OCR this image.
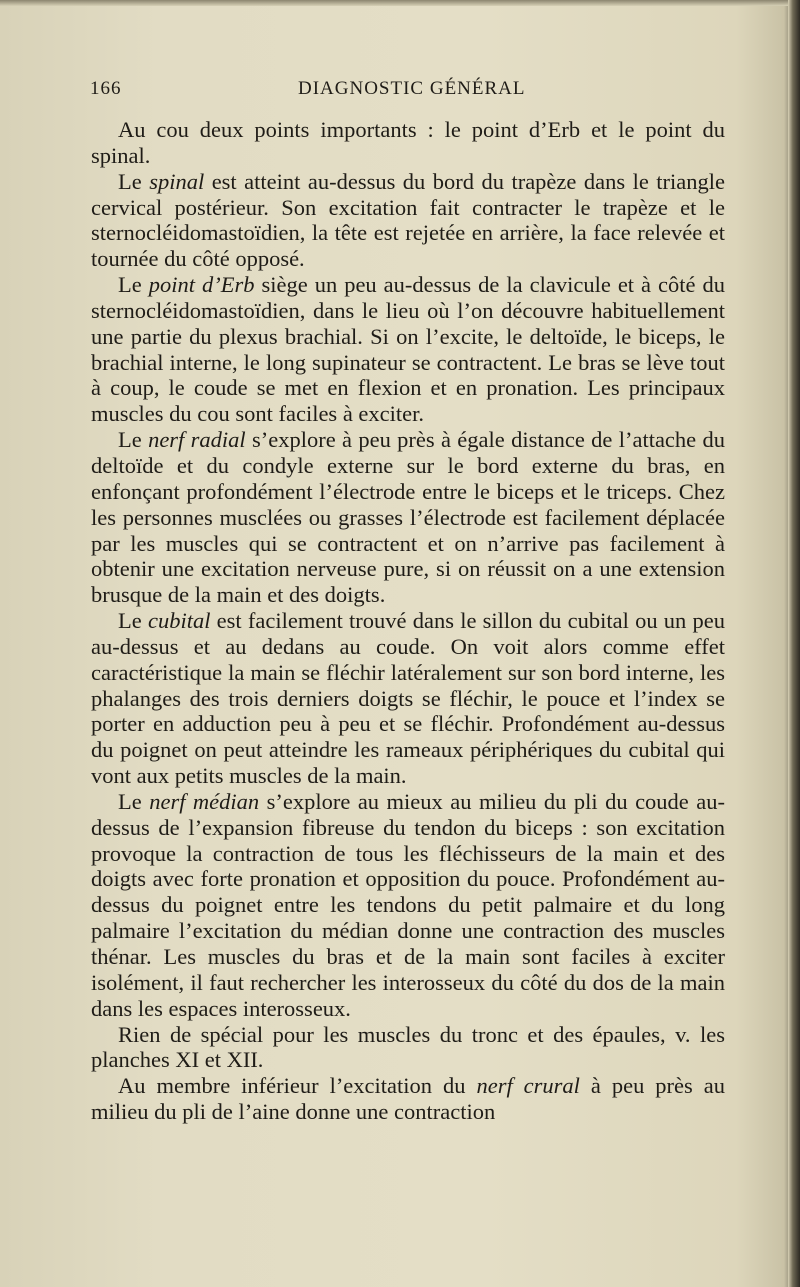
166	DIAGNOSTIC GÉNÉRAL

Au cou deux points importants : le point d’Erb et le point du spinal.

Le spinal est atteint au-dessus du bord du trapèze dans le triangle cervical postérieur. Son excitation fait contracter le trapèze et le sternocléidomastoïdien, la tête est rejetée en arrière, la face relevée et tournée du côté opposé.

Le point d’Erb siège un peu au-dessus de la clavicule et à côté du sternocléidomastoïdien, dans le lieu où l’on découvre habituellement une partie du plexus brachial. Si on l’excite, le deltoïde, le biceps, le brachial interne, le long supinateur se contractent. Le bras se lève tout à coup, le coude se met en flexion et en pronation. Les principaux muscles du cou sont faciles à exciter.

Le nerf radial s’explore à peu près à égale distance de l’attache du deltoïde et du condyle externe sur le bord externe du bras, en enfonçant profondément l’électrode entre le biceps et le triceps. Chez les personnes musclées ou grasses l’électrode est facilement déplacée par les muscles qui se contractent et on n’arrive pas facilement à obtenir une excitation nerveuse pure, si on réussit on a une extension brusque de la main et des doigts.

Le cubital est facilement trouvé dans le sillon du cubital ou un peu au-dessus et au dedans au coude. On voit alors comme effet caractéristique la main se fléchir latéralement sur son bord interne, les phalanges des trois derniers doigts se fléchir, le pouce et l’index se porter en adduction peu à peu et se fléchir. Profondément au-dessus du poignet on peut atteindre les rameaux périphériques du cubital qui vont aux petits muscles de la main.

Le nerf médian s’explore au mieux au milieu du pli du coude au-dessus de l’expansion fibreuse du tendon du biceps : son excitation provoque la contraction de tous les fléchisseurs de la main et des doigts avec forte pronation et opposition du pouce. Profondément au-dessus du poignet entre les tendons du petit palmaire et du long palmaire l’excitation du médian donne une contraction des muscles thénar. Les muscles du bras et de la main sont faciles à exciter isolément, il faut rechercher les interosseux du côté du dos de la main dans les espaces interosseux.

Rien de spécial pour les muscles du tronc et des épaules, v. les planches XI et XII.

Au membre inférieur l’excitation du nerf crural à peu près au milieu du pli de l’aine donne une contraction
